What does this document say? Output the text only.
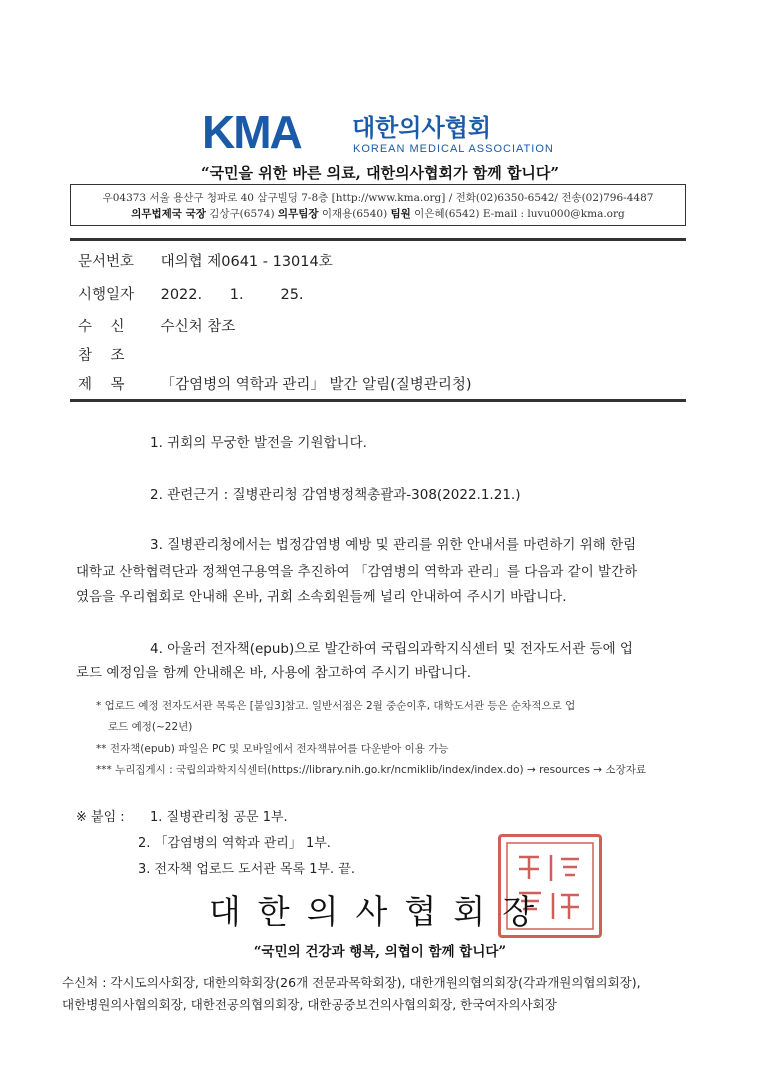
KMA 대한의사협회
KOREAN MEDICAL ASSOCIATION
“국민을 위한 바른 의료, 대한의사협회가 함께 합니다”
우04373 서울 용산구 청파로 40 삼구빌딩 7-8층 [http://www.kma.org] / 전화(02)6350-6542/ 전송(02)796-4487
의무법제국 국장 김상구(6574) 의무팀장 이재용(6540) 팀원 이은혜(6542) E-mail : luvu000@kma.org
문서번호 대의협 제0641 - 13014호
시행일자 2022.      1.        25.
수    신 수신처 참조
참    조
제    목 「감염병의 역학과 관리」 발간 알림(질병관리청)
1. 귀회의 무궁한 발전을 기원합니다.
2. 관련근거 : 질병관리청 감염병정책총괄과-308(2022.1.21.)
3. 질병관리청에서는 법정감염병 예방 및 관리를 위한 안내서를 마련하기 위해 한림
대학교 산학협력단과 정책연구용역을 추진하여 「감염병의 역학과 관리」를 다음과 같이 발간하
였음을 우리협회로 안내해 온바, 귀회 소속회원들께 널리 안내하여 주시기 바랍니다.
4. 아울러 전자책(epub)으로 발간하여 국립의과학지식센터 및 전자도서관 등에 업
로드 예정임을 함께 안내해온 바, 사용에 참고하여 주시기 바랍니다.
* 업로드 예정 전자도서관 목록은 [붙임3]참고. 일반서점은 2월 중순이후, 대학도서관 등은 순차적으로 업
로드 예정(~22년)
** 전자책(epub) 파일은 PC 및 모바일에서 전자책뷰어를 다운받아 이용 가능
*** 누리집게시 : 국립의과학지식센터(https://library.nih.go.kr/ncmiklib/index/index.do) → resources → 소장자료
※ 붙임 : 1. 질병관리청 공문 1부.
2. 「감염병의 역학과 관리」 1부.
3. 전자책 업로드 도서관 목록 1부. 끝.
대한의사협회장
“국민의 건강과 행복, 의협이 함께 합니다”
수신처 : 각시도의사회장, 대한의학회장(26개 전문과목학회장), 대한개원의협의회장(각과개원의협의회장),
대한병원의사협의회장, 대한전공의협의회장, 대한공중보건의사협의회장, 한국여자의사회장
